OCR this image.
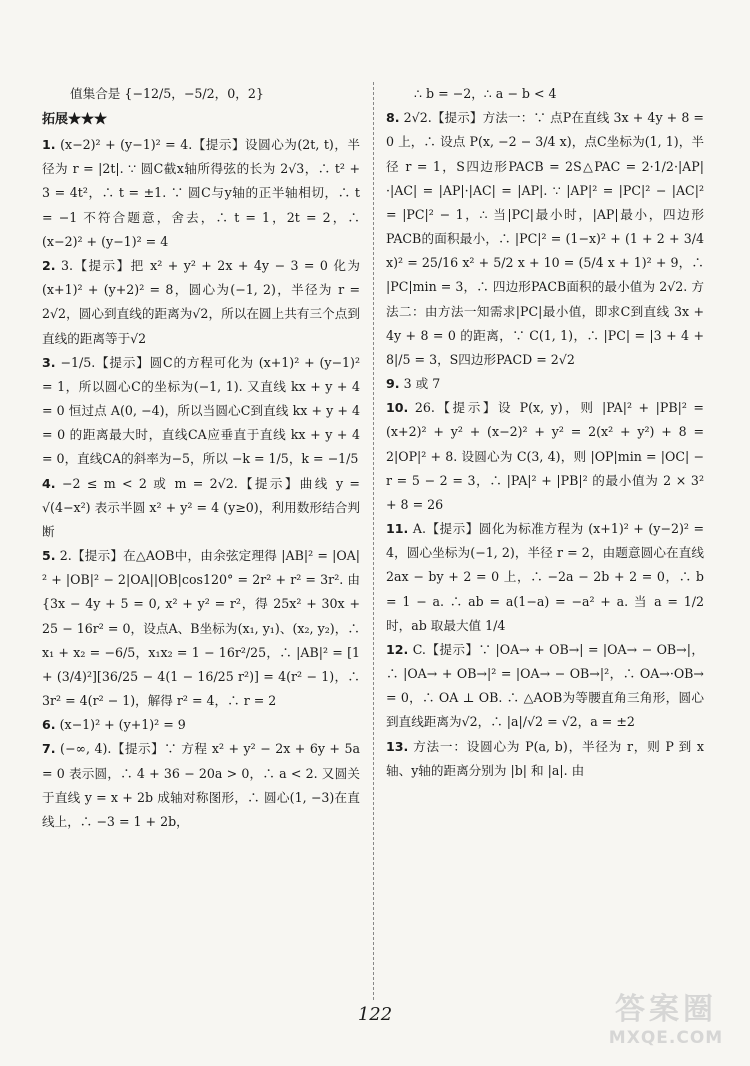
值集合是 {−12/5，−5/2，0，2}

拓展★★★

1. (x−2)² + (y−1)² = 4.【提示】设圆心为(2t, t)，半径为 r = |2t|. ∵ 圆C截x轴所得弦的长为 2√3，∴ t² + 3 = 4t²，∴ t = ±1. ∵ 圆C与y轴的正半轴相切，∴ t = −1 不符合题意，舍去，∴ t = 1，2t = 2，∴ (x−2)² + (y−1)² = 4

2. 3.【提示】把 x² + y² + 2x + 4y − 3 = 0 化为 (x+1)² + (y+2)² = 8，圆心为(−1, 2)，半径为 r = 2√2，圆心到直线的距离为√2，所以在圆上共有三个点到直线的距离等于√2

3. −1/5.【提示】圆C的方程可化为 (x+1)² + (y−1)² = 1，所以圆心C的坐标为(−1, 1). 又直线 kx + y + 4 = 0 恒过点 A(0, −4)，所以当圆心C到直线 kx + y + 4 = 0 的距离最大时，直线CA应垂直于直线 kx + y + 4 = 0，直线CA的斜率为−5，所以 −k = 1/5，k = −1/5

4. −2 ≤ m < 2 或 m = 2√2.【提示】曲线 y = √(4−x²) 表示半圆 x² + y² = 4 (y≥0)，利用数形结合判断

5. 2.【提示】在△AOB中，由余弦定理得 |AB|² = |OA|² + |OB|² − 2|OA||OB|cos120° = 2r² + r² = 3r². 由 {3x − 4y + 5 = 0, x² + y² = r²，得 25x² + 30x + 25 − 16r² = 0，设点A、B坐标为(x₁, y₁)、(x₂, y₂)，∴ x₁ + x₂ = −6/5，x₁x₂ = 1 − 16r²/25，∴ |AB|² = [1 + (3/4)²][36/25 − 4(1 − 16/25 r²)] = 4(r² − 1)，∴ 3r² = 4(r² − 1)，解得 r² = 4，∴ r = 2

6. (x−1)² + (y+1)² = 9

7. (−∞, 4).【提示】∵ 方程 x² + y² − 2x + 6y + 5a = 0 表示圆，∴ 4 + 36 − 20a > 0，∴ a < 2. 又圆关于直线 y = x + 2b 成轴对称图形，∴ 圆心(1, −3)在直线上，∴ −3 = 1 + 2b，

∴ b = −2，∴ a − b < 4

8. 2√2.【提示】方法一：∵ 点P在直线 3x + 4y + 8 = 0 上，∴ 设点 P(x, −2 − 3/4 x)，点C坐标为(1, 1)，半径 r = 1，S四边形PACB = 2S△PAC = 2·1/2·|AP|·|AC| = |AP|·|AC| = |AP|. ∵ |AP|² = |PC|² − |AC|² = |PC|² − 1，∴ 当|PC|最小时，|AP|最小，四边形PACB的面积最小，∴ |PC|² = (1−x)² + (1 + 2 + 3/4 x)² = 25/16 x² + 5/2 x + 10 = (5/4 x + 1)² + 9，∴ |PC|min = 3，∴ 四边形PACB面积的最小值为 2√2. 方法二：由方法一知需求|PC|最小值，即求C到直线 3x + 4y + 8 = 0 的距离，∵ C(1, 1)，∴ |PC| = |3 + 4 + 8|/5 = 3，S四边形PACD = 2√2

9. 3 或 7

10. 26.【提示】设 P(x, y)，则 |PA|² + |PB|² = (x+2)² + y² + (x−2)² + y² = 2(x² + y²) + 8 = 2|OP|² + 8. 设圆心为 C(3, 4)，则 |OP|min = |OC| − r = 5 − 2 = 3，∴ |PA|² + |PB|² 的最小值为 2 × 3² + 8 = 26

11. A.【提示】圆化为标准方程为 (x+1)² + (y−2)² = 4，圆心坐标为(−1, 2)，半径 r = 2，由题意圆心在直线 2ax − by + 2 = 0 上，∴ −2a − 2b + 2 = 0，∴ b = 1 − a. ∴ ab = a(1−a) = −a² + a. 当 a = 1/2 时，ab 取最大值 1/4

12. C.【提示】∵ |OA→ + OB→| = |OA→ − OB→|，∴ |OA→ + OB→|² = |OA→ − OB→|²，∴ OA→·OB→ = 0，∴ OA ⊥ OB. ∴ △AOB为等腰直角三角形，圆心到直线距离为√2，∴ |a|/√2 = √2，a = ±2

13. 方法一：设圆心为 P(a, b)，半径为 r，则 P 到 x轴、y轴的距离分别为 |b| 和 |a|. 由

122	答案圈
MXQE.COM
